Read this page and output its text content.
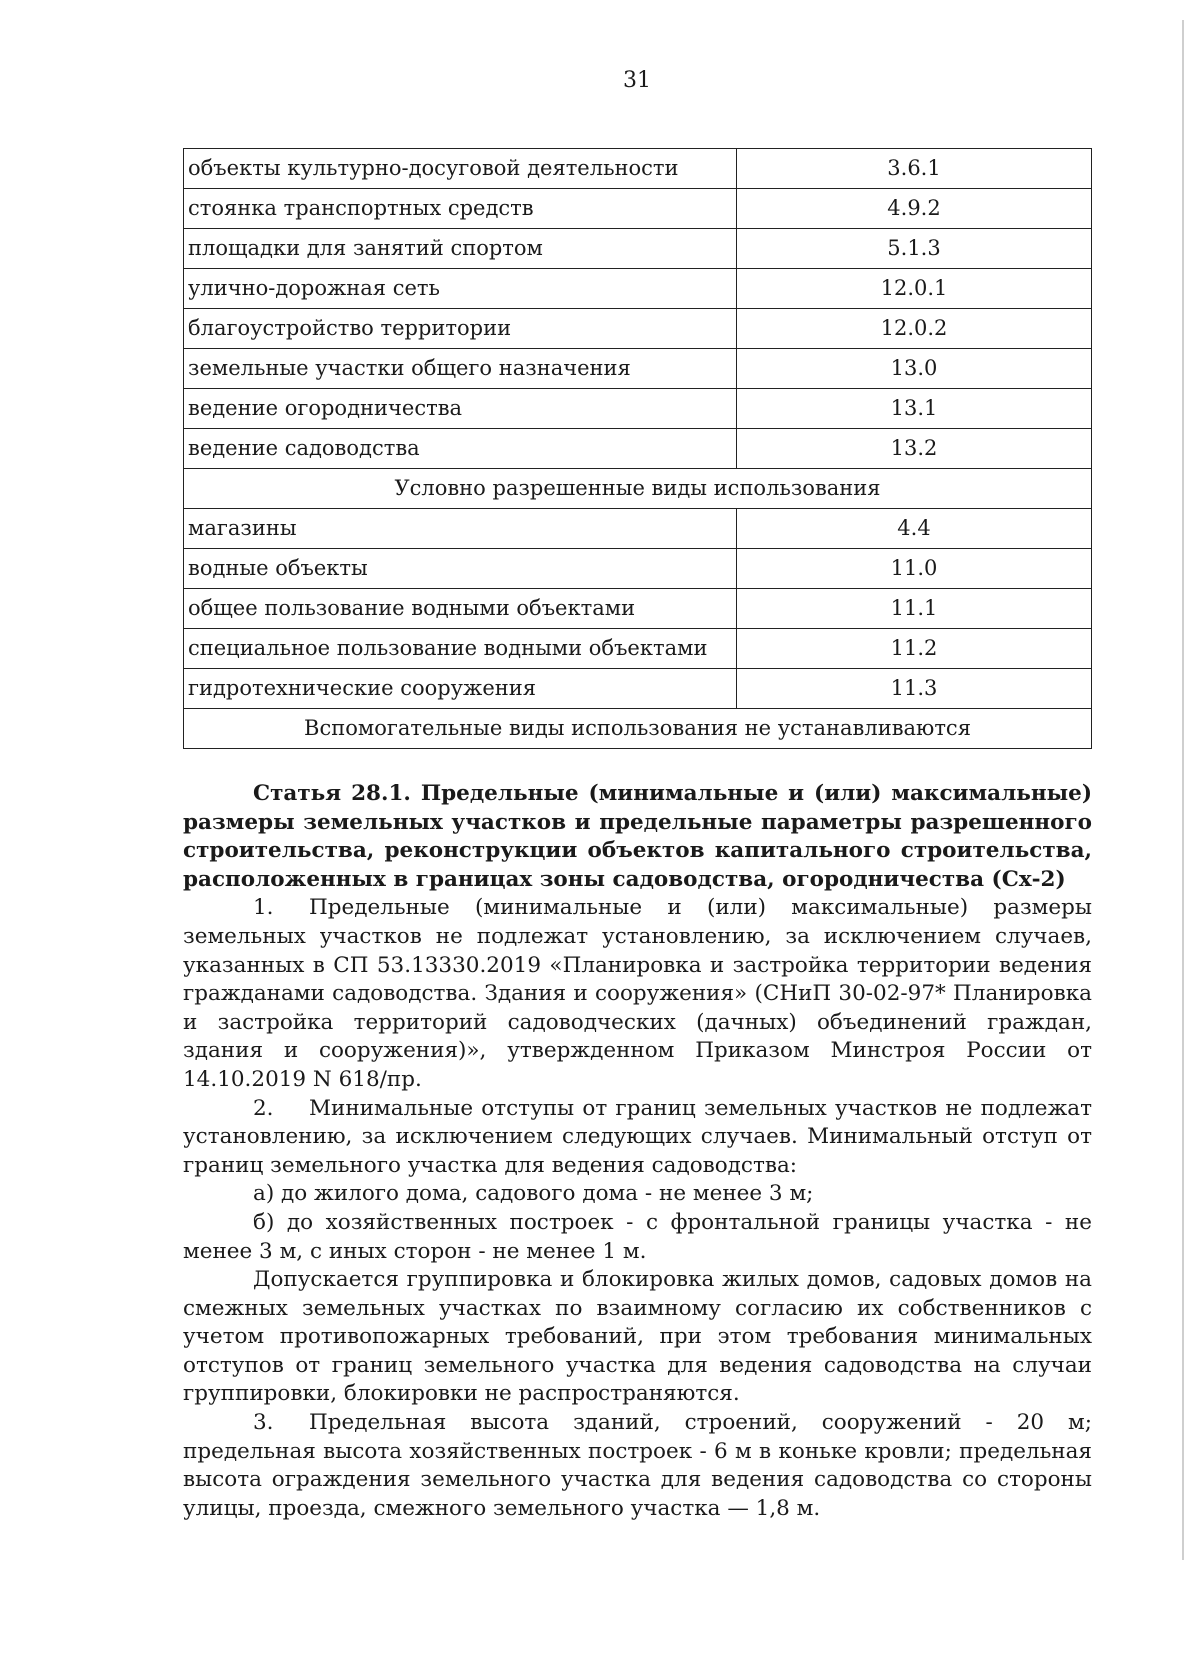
31
объекты культурно-досуговой деятельности	3.6.1
стоянка транспортных средств	4.9.2
площадки для занятий спортом	5.1.3
улично-дорожная сеть	12.0.1
благоустройство территории	12.0.2
земельные участки общего назначения	13.0
ведение огородничества	13.1
ведение садоводства	13.2
Условно разрешенные виды использования	
магазины	4.4
водные объекты	11.0
общее пользование водными объектами	11.1
специальное пользование водными объектами	11.2
гидротехнические сооружения	11.3
Вспомогательные виды использования не устанавливаются	

Статья 28.1. Предельные (минимальные и (или) максимальные) размеры земельных участков и предельные параметры разрешенного строительства, реконструкции объектов капитального строительства, расположенных в границах зоны садоводства, огородничества (Сх-2)

1. Предельные (минимальные и (или) максимальные) размеры земельных участков не подлежат установлению, за исключением случаев, указанных в СП 53.13330.2019 «Планировка и застройка территории ведения гражданами садоводства. Здания и сооружения» (СНиП 30-02-97* Планировка и застройка территорий садоводческих (дачных) объединений граждан, здания и сооружения)», утвержденном Приказом Минстроя России от 14.10.2019 N 618/пр.

2. Минимальные отступы от границ земельных участков не подлежат установлению, за исключением следующих случаев. Минимальный отступ от границ земельного участка для ведения садоводства:

а) до жилого дома, садового дома - не менее 3 м;

б) до хозяйственных построек - с фронтальной границы участка - не менее 3 м, с иных сторон - не менее 1 м.

Допускается группировка и блокировка жилых домов, садовых домов на смежных земельных участках по взаимному согласию их собственников с учетом противопожарных требований, при этом требования минимальных отступов от границ земельного участка для ведения садоводства на случаи группировки, блокировки не распространяются.

3. Предельная высота зданий, строений, сооружений - 20 м; предельная высота хозяйственных построек - 6 м в коньке кровли; предельная высота ограждения земельного участка для ведения садоводства со стороны улицы, проезда, смежного земельного участка — 1,8 м.
